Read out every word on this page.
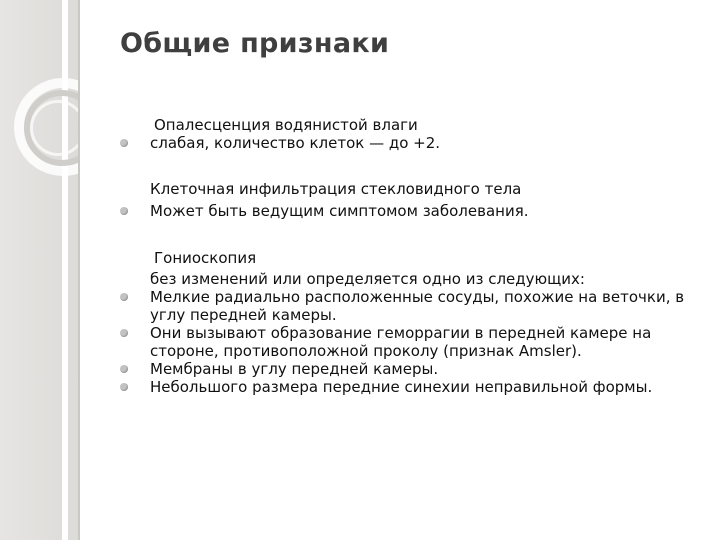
Общие признаки
Опалесценция водянистой влаги
слабая, количество клеток — до +2.
Клеточная инфильтрация стекловидного тела
Может быть ведущим симптомом заболевания.
Гониоскопия
без изменений или определяется одно из следующих:
Мелкие радиально расположенные сосуды, похожие на веточки, в углу передней камеры.
Они вызывают образование геморрагии в передней камере на стороне, противоположной проколу (признак Amsler).
Мембраны в углу передней камеры.
Небольшого размера передние синехии неправильной формы.
